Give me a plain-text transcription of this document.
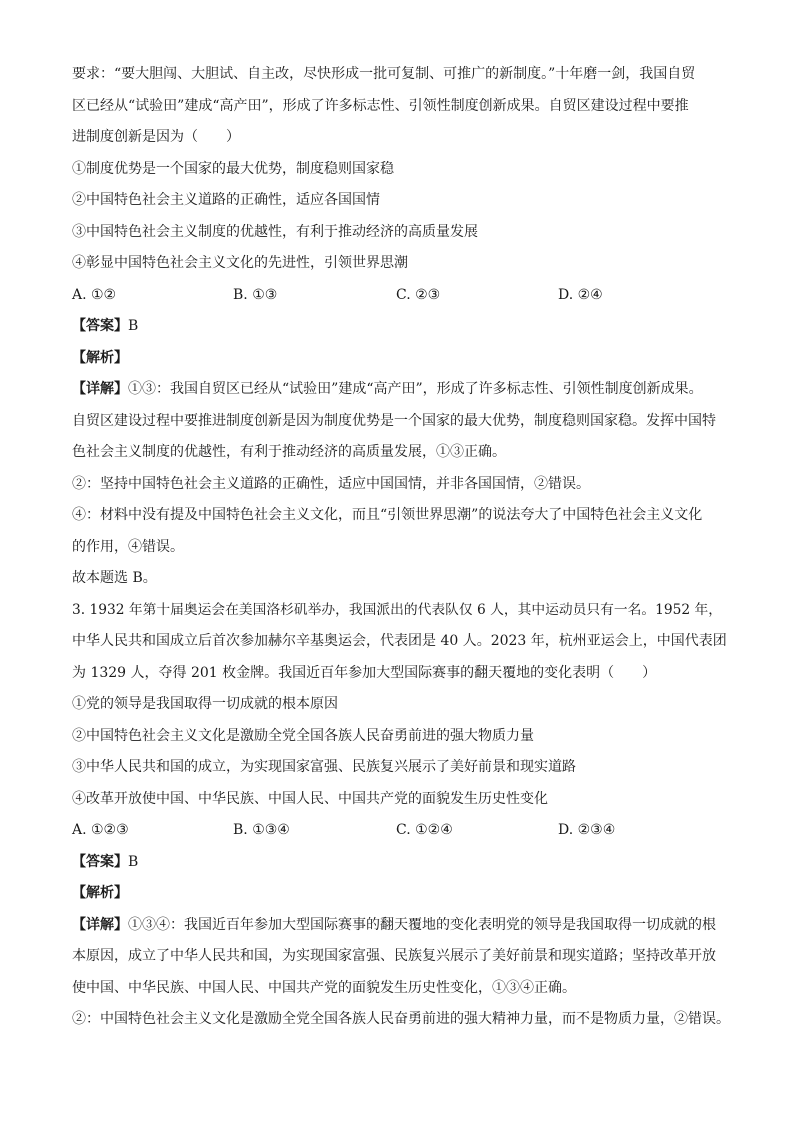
要求：“要大胆闯、大胆试、自主改，尽快形成一批可复制、可推广的新制度。”十年磨一剑，我国自贸
区已经从“试验田”建成“高产田”，形成了许多标志性、引领性制度创新成果。自贸区建设过程中要推
进制度创新是因为（　　）
①制度优势是一个国家的最大优势，制度稳则国家稳
②中国特色社会主义道路的正确性，适应各国国情
③中国特色社会主义制度的优越性，有利于推动经济的高质量发展
④彰显中国特色社会主义文化的先进性，引领世界思潮
A. ①②	B. ①③	C. ②③	D. ②④
【答案】B
【解析】
【详解】①③：我国自贸区已经从“试验田”建成“高产田”，形成了许多标志性、引领性制度创新成果。
自贸区建设过程中要推进制度创新是因为制度优势是一个国家的最大优势，制度稳则国家稳。发挥中国特
色社会主义制度的优越性，有利于推动经济的高质量发展，①③正确。
②：坚持中国特色社会主义道路的正确性，适应中国国情，并非各国国情，②错误。
④：材料中没有提及中国特色社会主义文化，而且“引领世界思潮”的说法夸大了中国特色社会主义文化
的作用，④错误。
故本题选 B。
3. 1932 年第十届奥运会在美国洛杉矶举办，我国派出的代表队仅 6 人，其中运动员只有一名。1952 年，
中华人民共和国成立后首次参加赫尔辛基奥运会，代表团是 40 人。2023 年，杭州亚运会上，中国代表团
为 1329 人，夺得 201 枚金牌。我国近百年参加大型国际赛事的翻天覆地的变化表明（　　）
①党的领导是我国取得一切成就的根本原因
②中国特色社会主义文化是激励全党全国各族人民奋勇前进的强大物质力量
③中华人民共和国的成立，为实现国家富强、民族复兴展示了美好前景和现实道路
④改革开放使中国、中华民族、中国人民、中国共产党的面貌发生历史性变化
A. ①②③	B. ①③④	C. ①②④	D. ②③④
【答案】B
【解析】
【详解】①③④：我国近百年参加大型国际赛事的翻天覆地的变化表明党的领导是我国取得一切成就的根
本原因，成立了中华人民共和国，为实现国家富强、民族复兴展示了美好前景和现实道路；坚持改革开放
使中国、中华民族、中国人民、中国共产党的面貌发生历史性变化，①③④正确。
②：中国特色社会主义文化是激励全党全国各族人民奋勇前进的强大精神力量，而不是物质力量，②错误。
